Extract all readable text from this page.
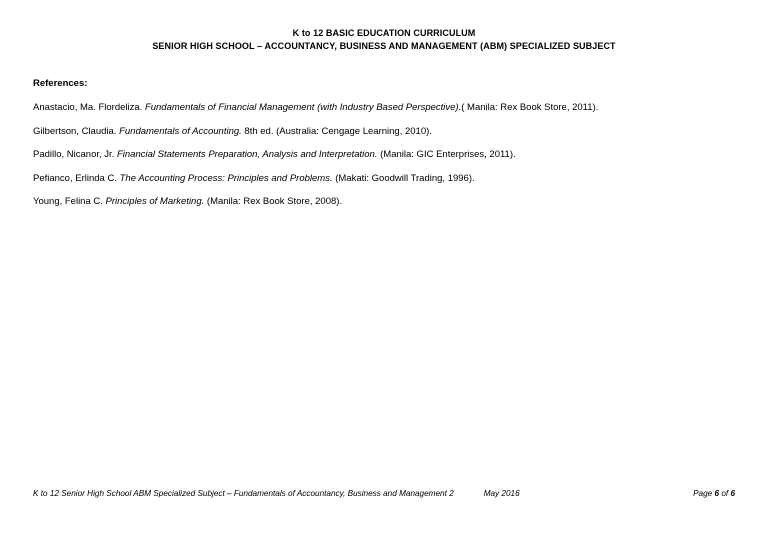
K to 12 BASIC EDUCATION CURRICULUM
SENIOR HIGH SCHOOL – ACCOUNTANCY, BUSINESS AND MANAGEMENT (ABM) SPECIALIZED SUBJECT
References:

Anastacio, Ma. Flordeliza. Fundamentals of Financial Management (with Industry Based Perspective).( Manila: Rex Book Store, 2011).

Gilbertson, Claudia. Fundamentals of Accounting. 8th ed. (Australia: Cengage Learning, 2010).

Padillo, Nicanor, Jr. Financial Statements Preparation, Analysis and Interpretation. (Manila: GIC Enterprises, 2011).

Pefianco, Erlinda C. The Accounting Process: Principles and Problems. (Makati: Goodwill Trading, 1996).

Young, Felina C. Principles of Marketing. (Manila: Rex Book Store, 2008).

K to 12 Senior High School ABM Specialized Subject – Fundamentals of Accountancy, Business and Management 2	May 2016	Page 6 of 6
